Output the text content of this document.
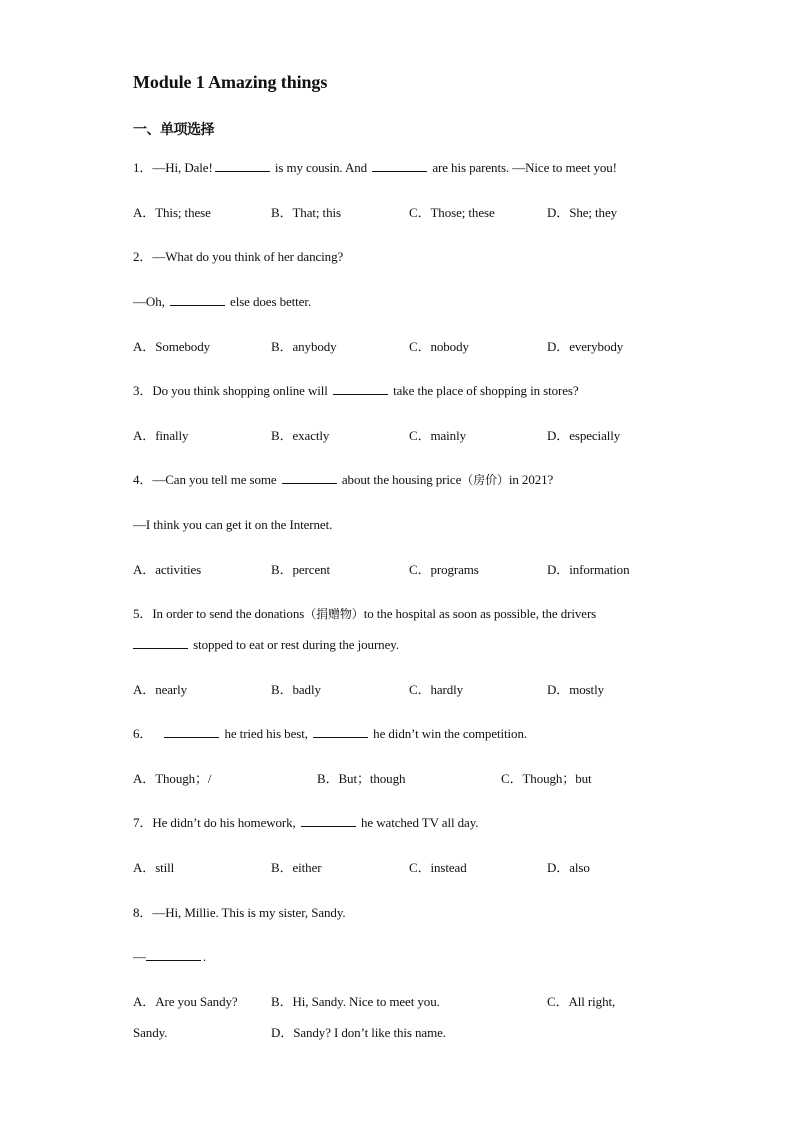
Module 1 Amazing things
一、单项选择
1．—Hi, Dale!	is my cousin. And	are his parents. —Nice to meet you!
A．This; these	B．That; this	C．Those; these	D．She; they
2．—What do you think of her dancing?
—Oh,	else does better.
A．Somebody	B．anybody	C．nobody	D．everybody
3．Do you think shopping online will	take the place of shopping in stores?
A．finally	B．exactly	C．mainly	D．especially
4．—Can you tell me some	about the housing price（房价）in 2021?
—I think you can get it on the Internet.
A．activities	B．percent	C．programs	D．information
5．In order to send the donations（捐赠物）to the hospital as soon as possible, the drivers
stopped to eat or rest during the journey.
A．nearly	B．badly	C．hardly	D．mostly
6．	he tried his best,	he didn’t win the competition.
A．Though；/	B．But；though	C．Though；but
7．He didn’t do his homework,	he watched TV all day.
A．still	B．either	C．instead	D．also
8．—Hi, Millie. This is my sister, Sandy.
—	.
A．Are you Sandy?	B．Hi, Sandy. Nice to meet you.	C．All right,
Sandy.	D．Sandy? I don’t like this name.
